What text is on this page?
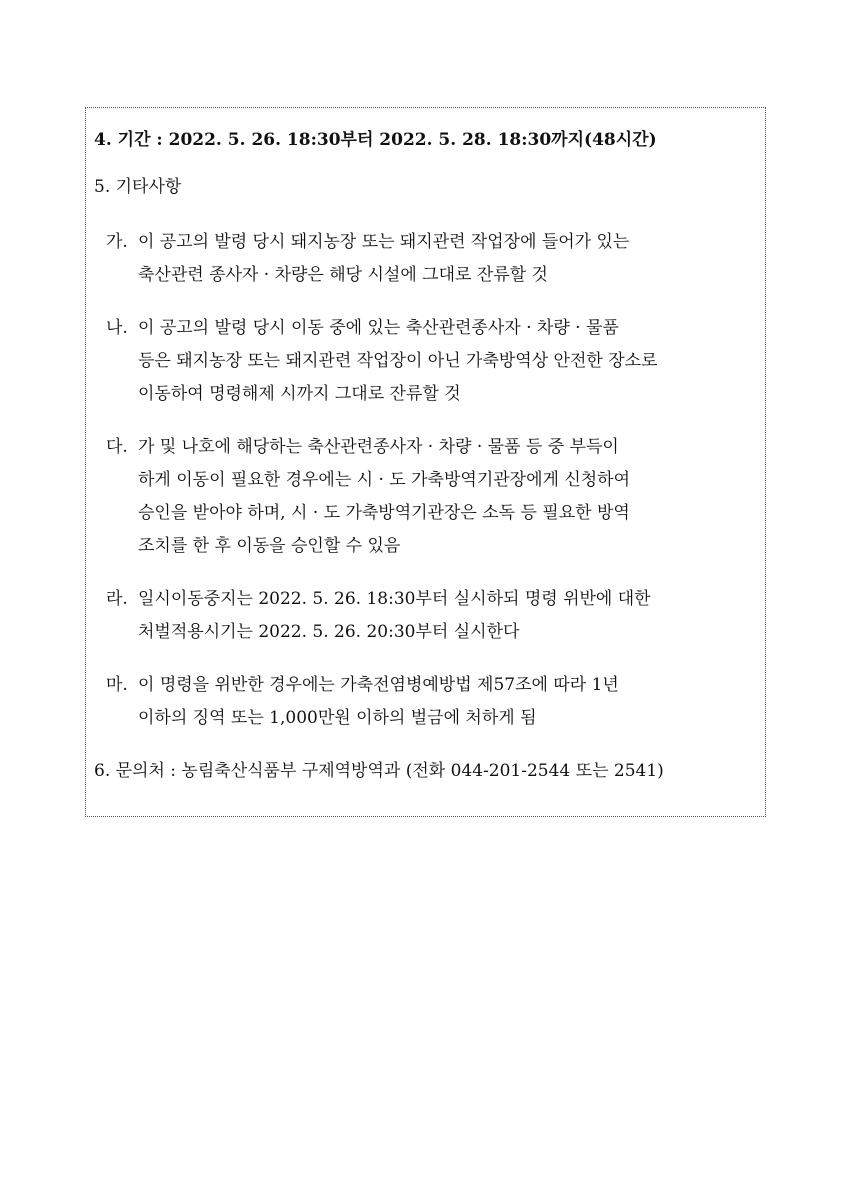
4. 기간 : 2022. 5. 26. 18:30부터 2022. 5. 28. 18:30까지(48시간)
5. 기타사항
가. 이 공고의 발령 당시 돼지농장 또는 돼지관련 작업장에 들어가 있는
축산관련 종사자 · 차량은 해당 시설에 그대로 잔류할 것
나. 이 공고의 발령 당시 이동 중에 있는 축산관련종사자 · 차량 · 물품
등은 돼지농장 또는 돼지관련 작업장이 아닌 가축방역상 안전한 장소로
이동하여 명령해제 시까지 그대로 잔류할 것
다. 가 및 나호에 해당하는 축산관련종사자 · 차량 · 물품 등 중 부득이
하게 이동이 필요한 경우에는 시 · 도 가축방역기관장에게 신청하여
승인을 받아야 하며, 시 · 도 가축방역기관장은 소독 등 필요한 방역
조치를 한 후 이동을 승인할 수 있음
라. 일시이동중지는 2022. 5. 26. 18:30부터 실시하되 명령 위반에 대한
처벌적용시기는 2022. 5. 26. 20:30부터 실시한다
마. 이 명령을 위반한 경우에는 가축전염병예방법 제57조에 따라 1년
이하의 징역 또는 1,000만원 이하의 벌금에 처하게 됨
6. 문의처 : 농림축산식품부 구제역방역과 (전화 044-201-2544 또는 2541)
